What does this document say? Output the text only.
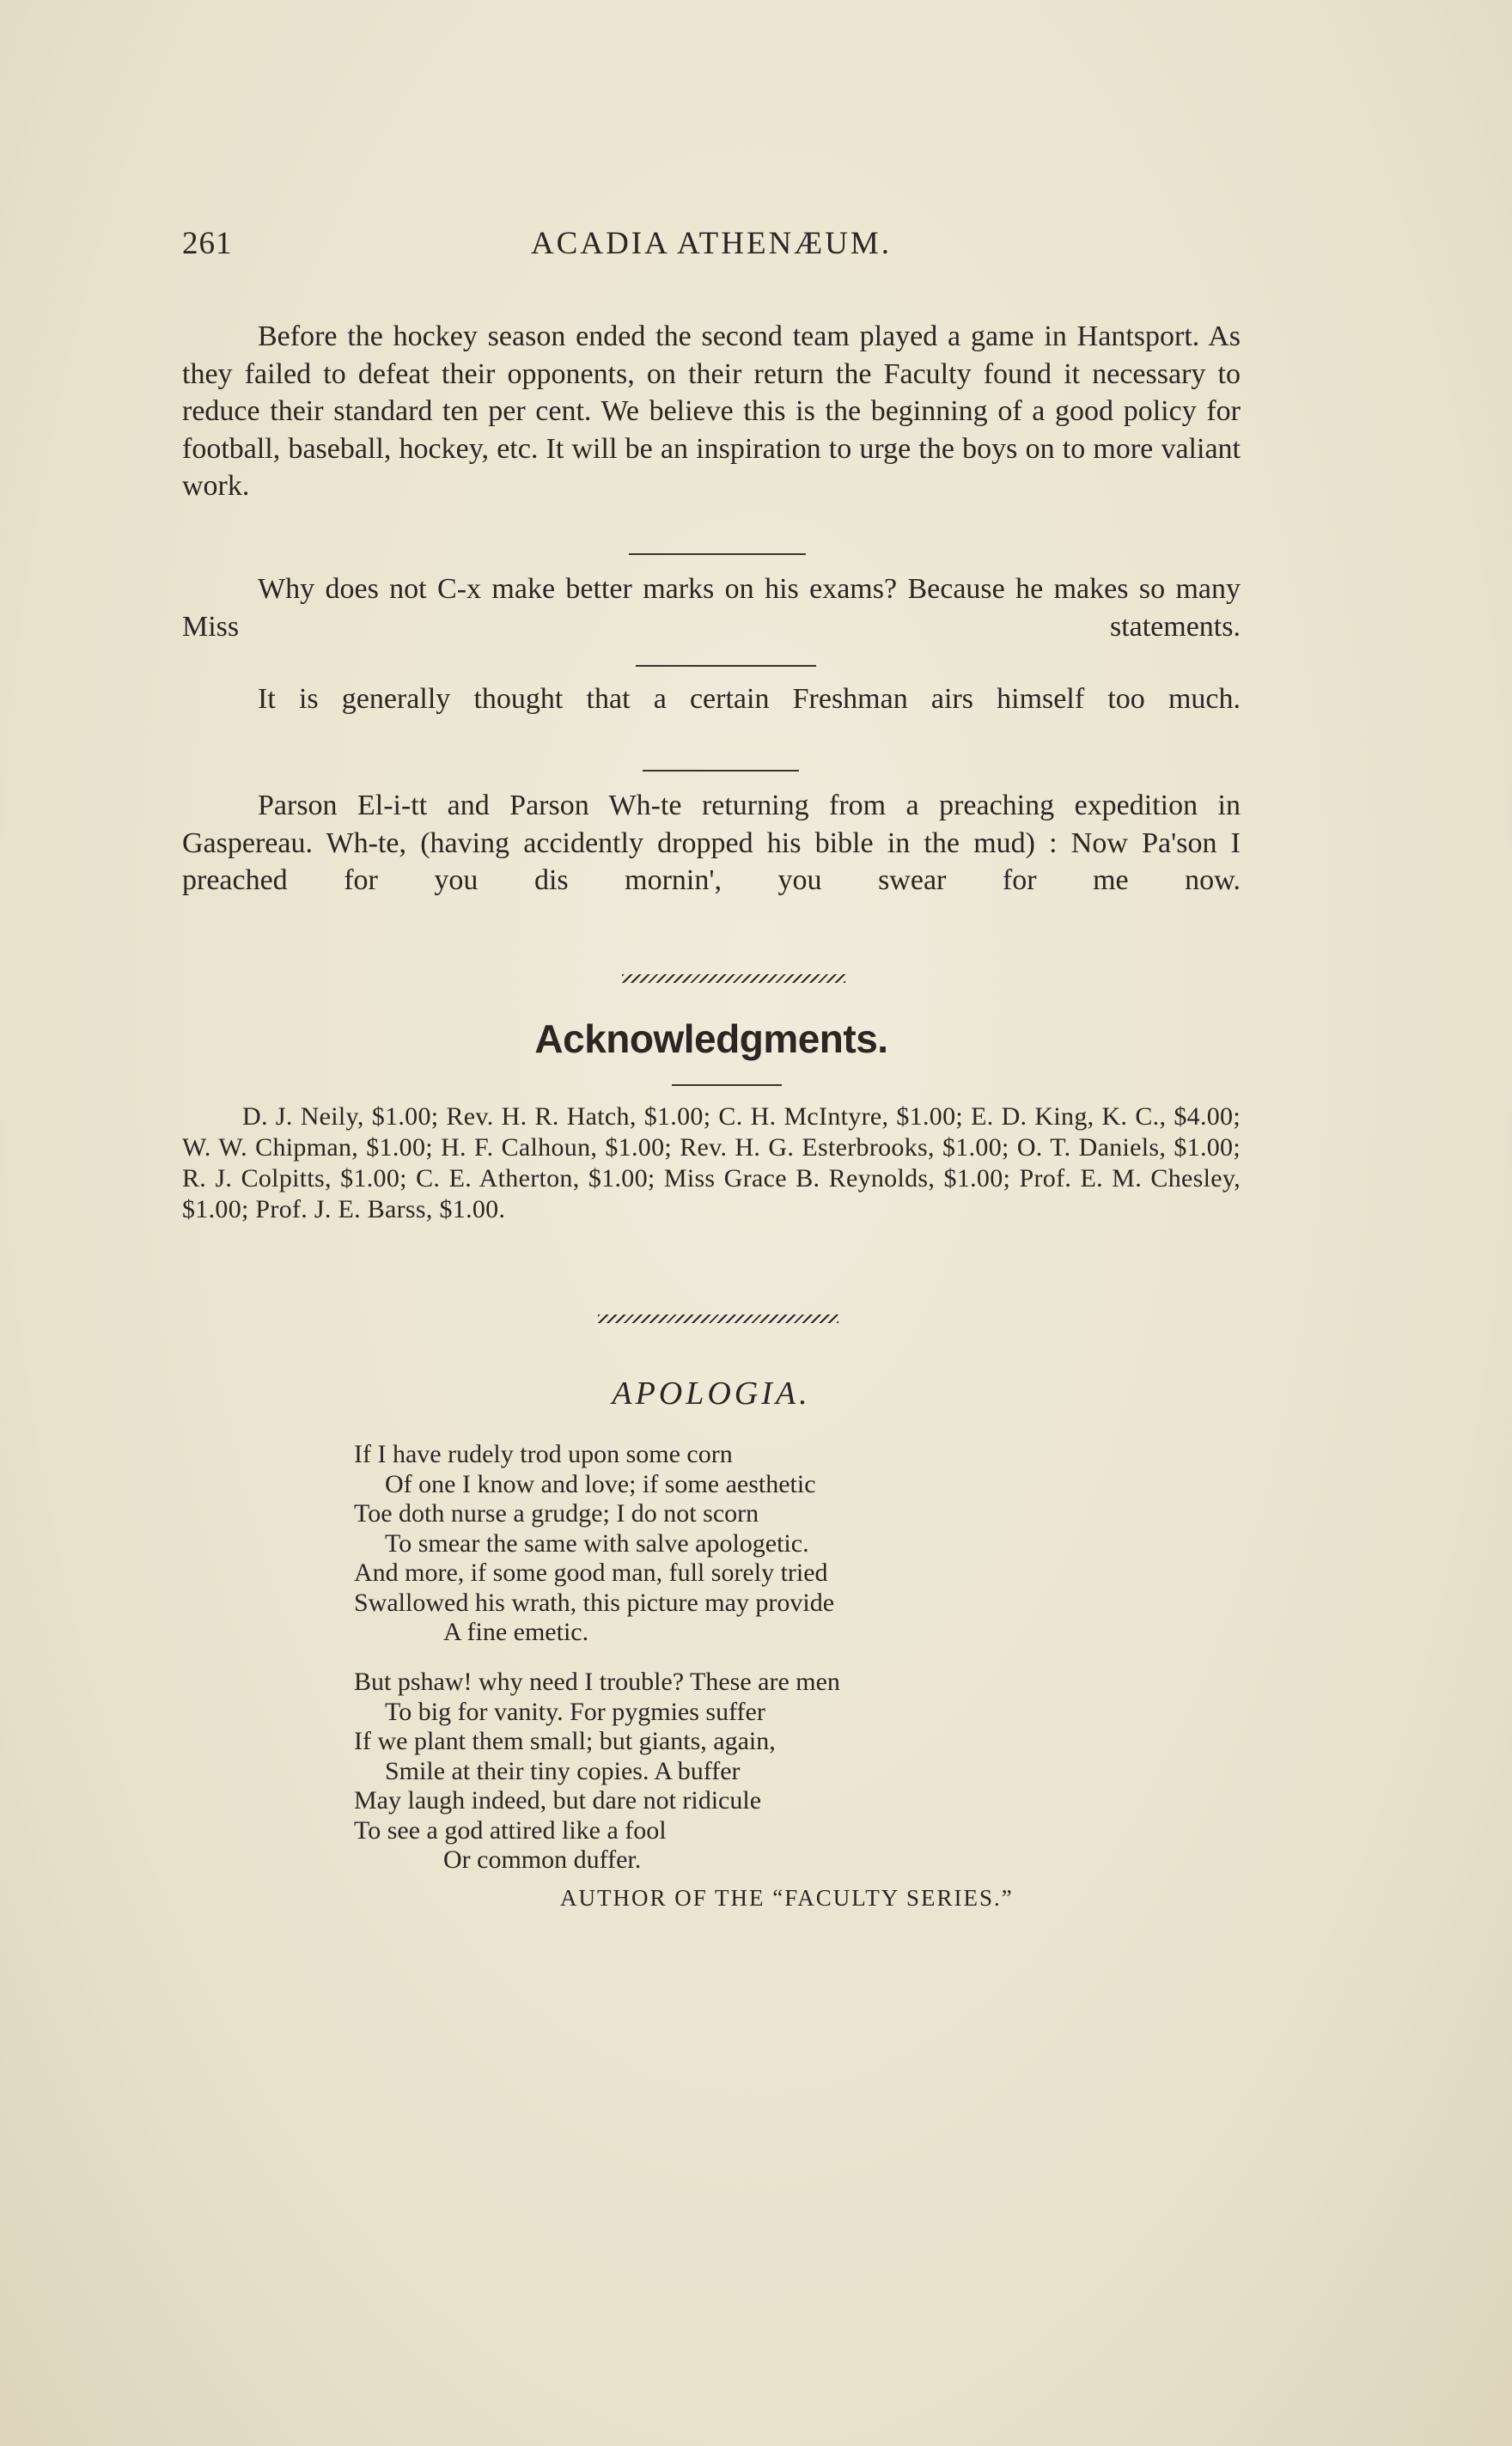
261	ACADIA ATHENÆUM.

Before the hockey season ended the second team played a game in Hantsport. As they failed to defeat their opponents, on their return the Faculty found it necessary to reduce their standard ten per cent. We believe this is the beginning of a good policy for football, baseball, hockey, etc. It will be an inspiration to urge the boys on to more valiant work.

Why does not C-x make better marks on his exams? Because he makes so many Miss statements.

It is generally thought that a certain Freshman airs himself too much.

Parson El-i-tt and Parson Wh-te returning from a preaching expedition in Gaspereau. Wh-te, (having accidently dropped his bible in the mud) : Now Pa'son I preached for you dis mornin', you swear for me now.

Acknowledgments.

D. J. Neily, $1.00; Rev. H. R. Hatch, $1.00; C. H. McIntyre, $1.00; E. D. King, K. C., $4.00; W. W. Chipman, $1.00; H. F. Calhoun, $1.00; Rev. H. G. Esterbrooks, $1.00; O. T. Daniels, $1.00; R. J. Colpitts, $1.00; C. E. Atherton, $1.00; Miss Grace B. Reynolds, $1.00; Prof. E. M. Chesley, $1.00; Prof. J. E. Barss, $1.00.

APOLOGIA.
If I have rudely trod upon some corn
Of one I know and love; if some aesthetic
Toe doth nurse a grudge; I do not scorn
To smear the same with salve apologetic.
And more, if some good man, full sorely tried
Swallowed his wrath, this picture may provide
A fine emetic.
But pshaw! why need I trouble? These are men
To big for vanity. For pygmies suffer
If we plant them small; but giants, again,
Smile at their tiny copies. A buffer
May laugh indeed, but dare not ridicule
To see a god attired like a fool
Or common duffer.
AUTHOR OF THE “FACULTY SERIES.”
